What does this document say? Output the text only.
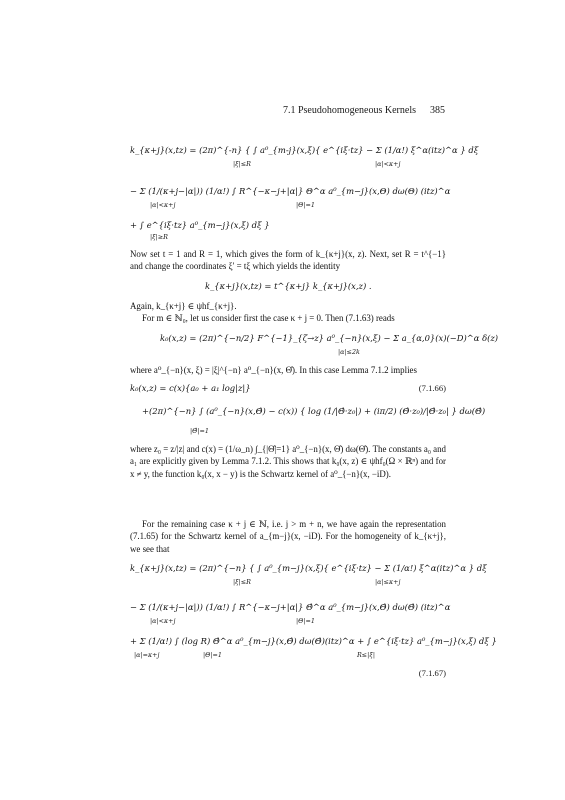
7.1 Pseudohomogeneous Kernels 385
k_{κ+j}(x,tz) = (2π)^{-n} { ∫ a⁰_{m-j}(x,ξ){ e^{iξ·tz} − Σ (1/α!) ξ^α(itz)^α } dξ
|ξ|≤R	|α|<κ+j
− Σ (1/(κ+j−|α|)) (1/α!) ∫ R^{−κ−j+|α|} Θ^α a⁰_{m−j}(x,Θ) dω(Θ) (itz)^α
|α|<κ+j	|Θ|=1
+ ∫ e^{iξ·tz} a⁰_{m−j}(x,ξ) dξ }
|ξ|≥R
Now set t = 1 and R = 1, which gives the form of k_{κ+j}(x, z). Next, set R = t^{−1} and change the coordinates ξ′ = tξ which yields the identity
k_{κ+j}(x,tz) = t^{κ+j} k_{κ+j}(x,z) .
Again, k_{κ+j} ∈ ψhf_{κ+j}.
For m ∈ ℕ₀, let us consider first the case κ + j = 0. Then (7.1.63) reads
k₀(x,z) = (2π)^{−n/2} F^{−1}_{ζ→z} a⁰_{−n}(x,ξ) − Σ a_{α,0}(x)(−D)^α δ(z)
|α|≤2k
where a⁰_{−n}(x, ξ) = |ξ|^{−n} a⁰_{−n}(x, Θ̂). In this case Lemma 7.1.2 implies
k₀(x,z) = c(x){a₀ + a₁ log|z|}	(7.1.66)
+(2π)^{−n} ∫ (a⁰_{−n}(x,Θ̂) − c(x)) { log (1/|Θ̂·z₀|) + (iπ/2) (Θ̂·z₀)/|Θ̂·z₀| } dω(Θ̂)
|Θ̂|=1
where z₀ = z/|z| and c(x) = (1/ω_n) ∫_{|Θ̂|=1} a⁰_{−n}(x, Θ̂) dω(Θ̂). The constants a₀ and a₁ are explicitly given by Lemma 7.1.2. This shows that k₀(x, z) ∈ ψhf₀(Ω × ℝⁿ) and for x ≠ y, the function k₀(x, x − y) is the Schwartz kernel of a⁰_{−n}(x, −iD).
For the remaining case κ + j ∈ ℕ, i.e. j > m + n, we have again the representation (7.1.65) for the Schwartz kernel of a_{m−j}(x, −iD). For the homogeneity of k_{κ+j}, we see that
k_{κ+j}(x,tz) = (2π)^{−n} { ∫ a⁰_{m−j}(x,ξ){ e^{iξ·tz} − Σ (1/α!) ξ^α(itz)^α } dξ
|ξ|≤R	|α|≤κ+j
− Σ (1/(κ+j−|α|)) (1/α!) ∫ R^{−κ−j+|α|} Θ̂^α a⁰_{m−j}(x,Θ̂) dω(Θ̂) (itz)^α
|α|<κ+j	|Θ|=1
+ Σ (1/α!) ∫ (log R) Θ̂^α a⁰_{m−j}(x,Θ̂) dω(Θ̂)(itz)^α + ∫ e^{iξ·tz} a⁰_{m−j}(x,ξ) dξ }
|α|=κ+j	|Θ|=1	R≤|ξ|
(7.1.67)
